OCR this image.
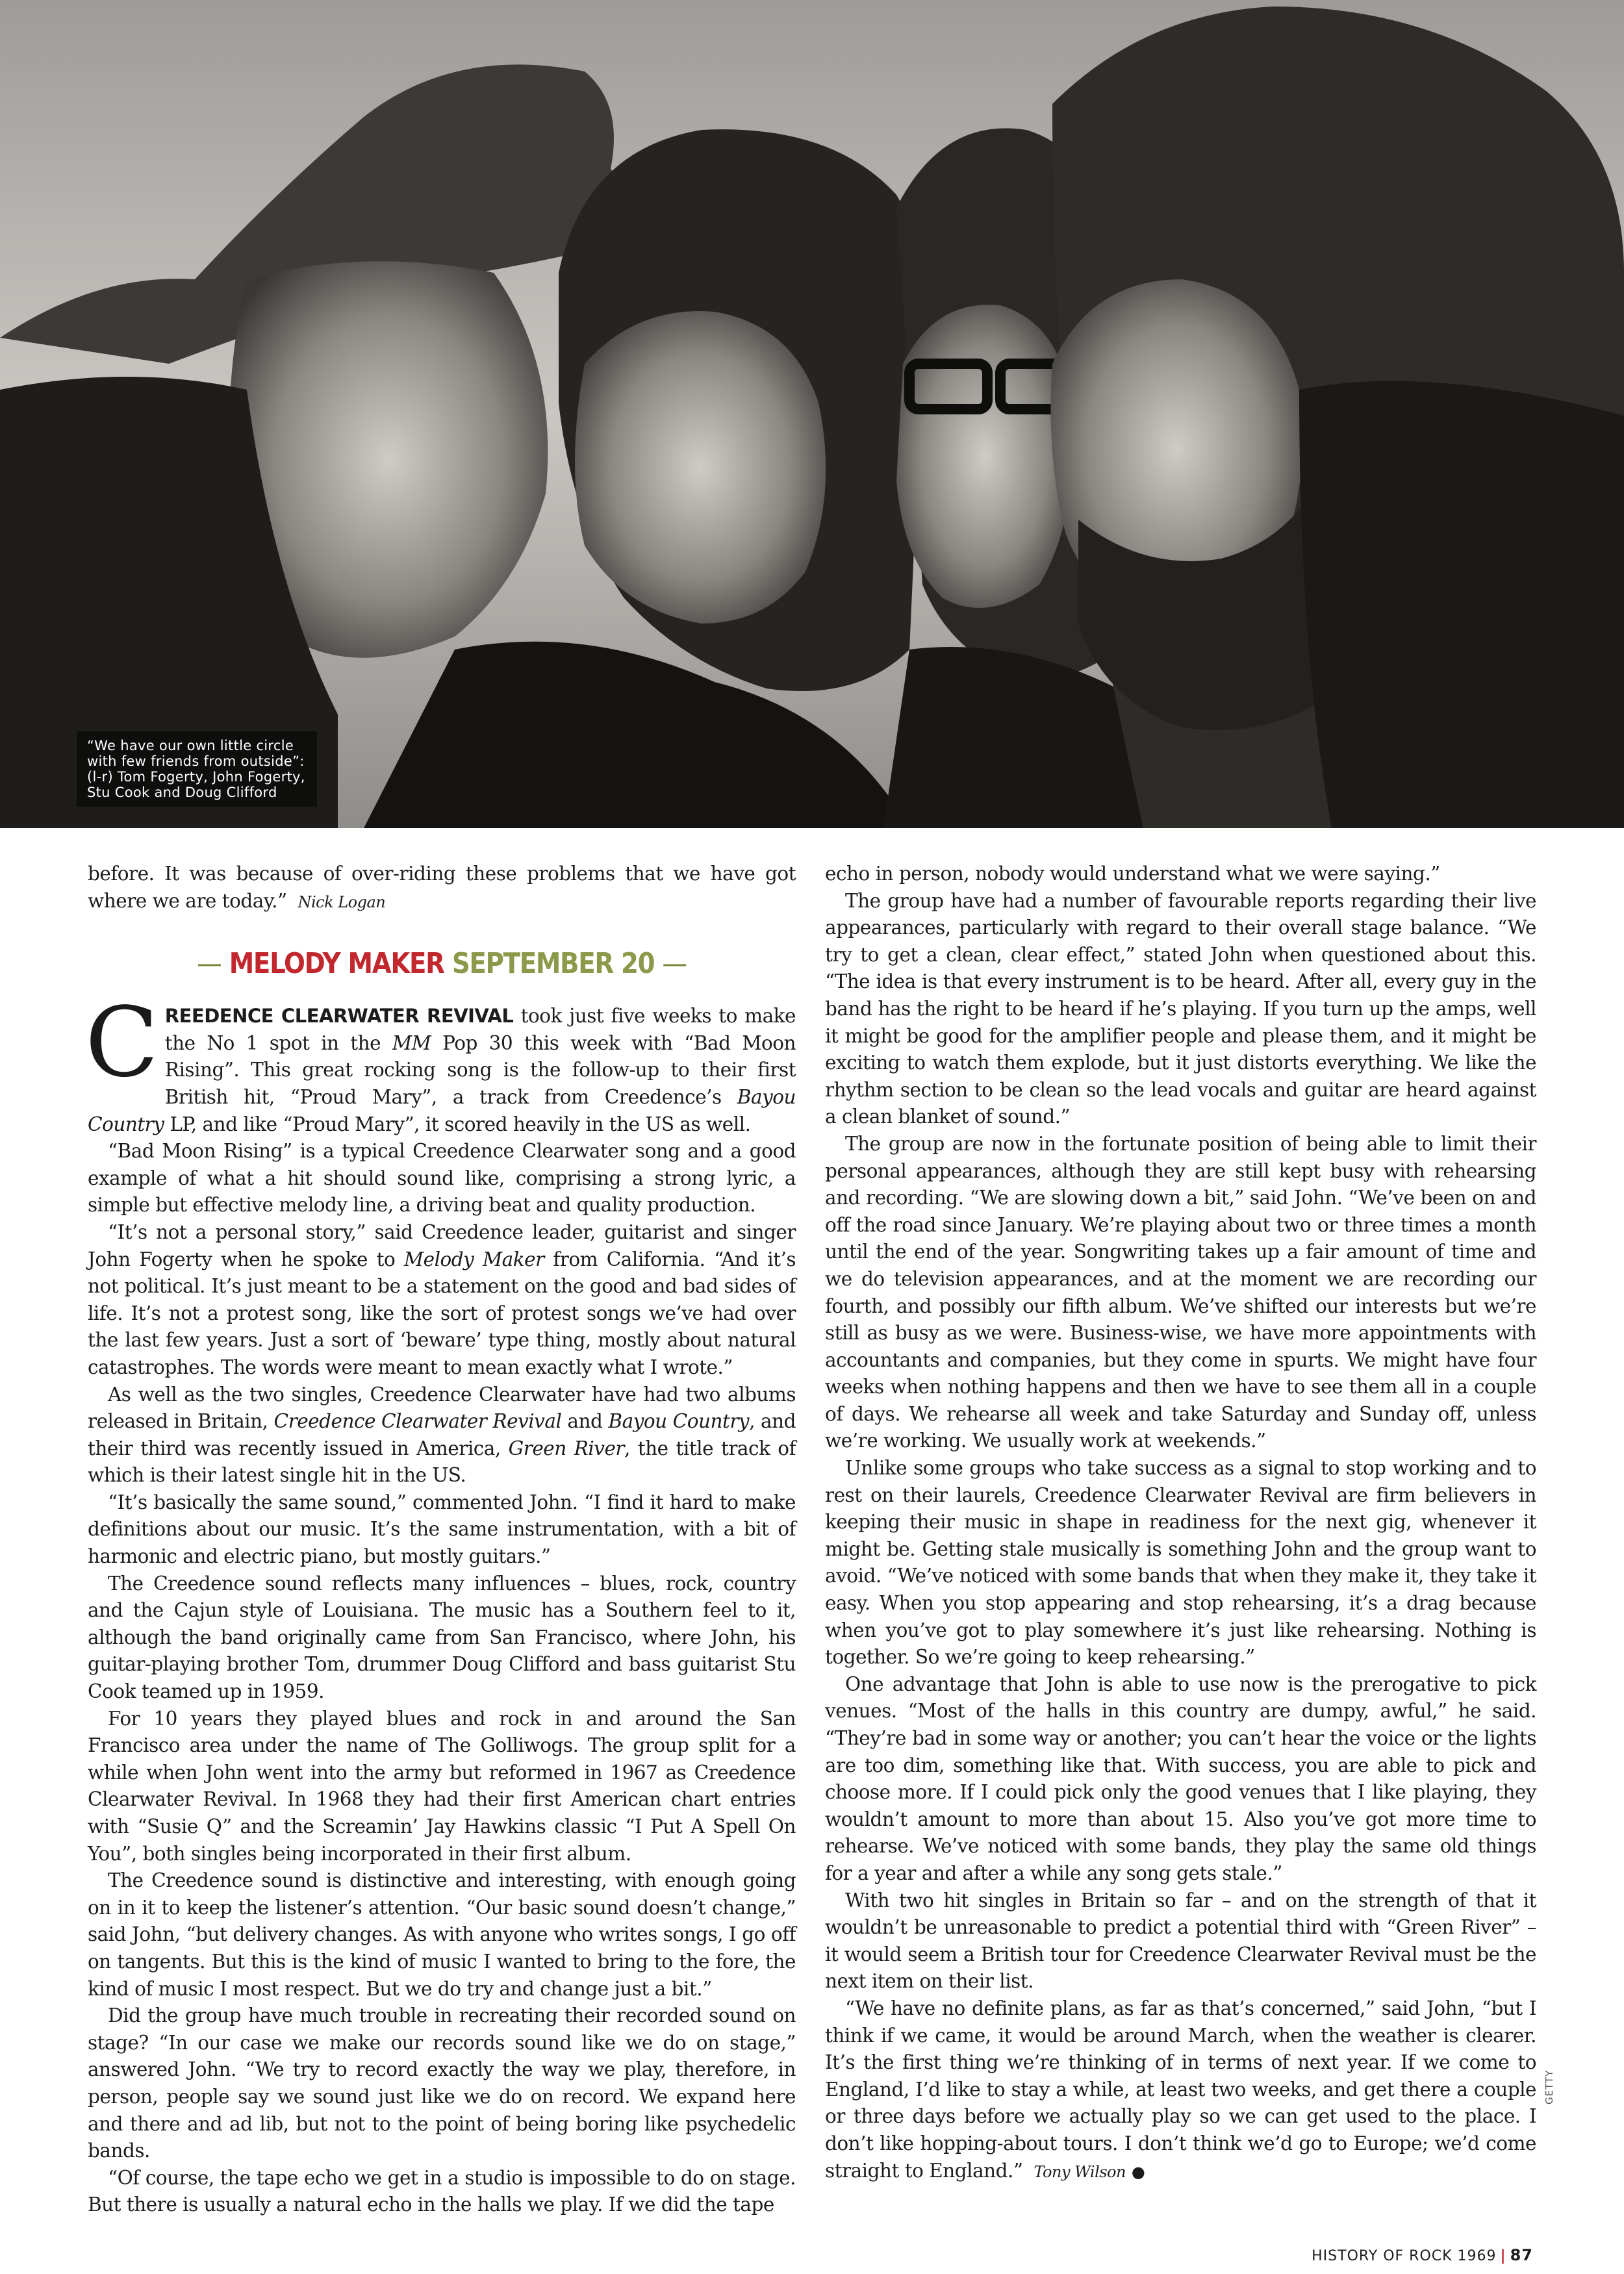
“We have our own little circle with few friends from outside”: (l-r) Tom Fogerty, John Fogerty, Stu Cook and Doug Clifford

before. It was because of over-riding these problems that we have got where we are today.” Nick Logan

— MELODY MAKER SEPTEMBER 20 —

CREEDENCE CLEARWATER REVIVAL took just five weeks to make the No 1 spot in the MM Pop 30 this week with “Bad Moon Rising”. This great rocking song is the follow-up to their first British hit, “Proud Mary”, a track from Creedence’s Bayou Country LP, and like “Proud Mary”, it scored heavily in the US as well.

“Bad Moon Rising” is a typical Creedence Clearwater song and a good example of what a hit should sound like, comprising a strong lyric, a simple but effective melody line, a driving beat and quality production.

“It’s not a personal story,” said Creedence leader, guitarist and singer John Fogerty when he spoke to Melody Maker from California. “And it’s not political. It’s just meant to be a statement on the good and bad sides of life. It’s not a protest song, like the sort of protest songs we’ve had over the last few years. Just a sort of ‘beware’ type thing, mostly about natural catastrophes. The words were meant to mean exactly what I wrote.”

As well as the two singles, Creedence Clearwater have had two albums released in Britain, Creedence Clearwater Revival and Bayou Country, and their third was recently issued in America, Green River, the title track of which is their latest single hit in the US.

“It’s basically the same sound,” commented John. “I find it hard to make definitions about our music. It’s the same instrumentation, with a bit of harmonic and electric piano, but mostly guitars.”

The Creedence sound reflects many influences – blues, rock, country and the Cajun style of Louisiana. The music has a Southern feel to it, although the band originally came from San Francisco, where John, his guitar-playing brother Tom, drummer Doug Clifford and bass guitarist Stu Cook teamed up in 1959.

For 10 years they played blues and rock in and around the San Francisco area under the name of The Golliwogs. The group split for a while when John went into the army but reformed in 1967 as Creedence Clearwater Revival. In 1968 they had their first American chart entries with “Susie Q” and the Screamin’ Jay Hawkins classic “I Put A Spell On You”, both singles being incorporated in their first album.

The Creedence sound is distinctive and interesting, with enough going on in it to keep the listener’s attention. “Our basic sound doesn’t change,” said John, “but delivery changes. As with anyone who writes songs, I go off on tangents. But this is the kind of music I wanted to bring to the fore, the kind of music I most respect. But we do try and change just a bit.”

Did the group have much trouble in recreating their recorded sound on stage? “In our case we make our records sound like we do on stage,” answered John. “We try to record exactly the way we play, therefore, in person, people say we sound just like we do on record. We expand here and there and ad lib, but not to the point of being boring like psychedelic bands.

“Of course, the tape echo we get in a studio is impossible to do on stage. But there is usually a natural echo in the halls we play. If we did the tape

echo in person, nobody would understand what we were saying.”

The group have had a number of favourable reports regarding their live appearances, particularly with regard to their overall stage balance. “We try to get a clean, clear effect,” stated John when questioned about this. “The idea is that every instrument is to be heard. After all, every guy in the band has the right to be heard if he’s playing. If you turn up the amps, well it might be good for the amplifier people and please them, and it might be exciting to watch them explode, but it just distorts everything. We like the rhythm section to be clean so the lead vocals and guitar are heard against a clean blanket of sound.”

The group are now in the fortunate position of being able to limit their personal appearances, although they are still kept busy with rehearsing and recording. “We are slowing down a bit,” said John. “We’ve been on and off the road since January. We’re playing about two or three times a month until the end of the year. Songwriting takes up a fair amount of time and we do television appearances, and at the moment we are recording our fourth, and possibly our fifth album. We’ve shifted our interests but we’re still as busy as we were. Business-wise, we have more appointments with accountants and companies, but they come in spurts. We might have four weeks when nothing happens and then we have to see them all in a couple of days. We rehearse all week and take Saturday and Sunday off, unless we’re working. We usually work at weekends.”

Unlike some groups who take success as a signal to stop working and to rest on their laurels, Creedence Clearwater Revival are firm believers in keeping their music in shape in readiness for the next gig, whenever it might be. Getting stale musically is something John and the group want to avoid. “We’ve noticed with some bands that when they make it, they take it easy. When you stop appearing and stop rehearsing, it’s a drag because when you’ve got to play somewhere it’s just like rehearsing. Nothing is together. So we’re going to keep rehearsing.”

One advantage that John is able to use now is the prerogative to pick venues. “Most of the halls in this country are dumpy, awful,” he said. “They’re bad in some way or another; you can’t hear the voice or the lights are too dim, something like that. With success, you are able to pick and choose more. If I could pick only the good venues that I like playing, they wouldn’t amount to more than about 15. Also you’ve got more time to rehearse. We’ve noticed with some bands, they play the same old things for a year and after a while any song gets stale.”

With two hit singles in Britain so far – and on the strength of that it wouldn’t be unreasonable to predict a potential third with “Green River” – it would seem a British tour for Creedence Clearwater Revival must be the next item on their list.

“We have no definite plans, as far as that’s concerned,” said John, “but I think if we came, it would be around March, when the weather is clearer. It’s the first thing we’re thinking of in terms of next year. If we come to England, I’d like to stay a while, at least two weeks, and get there a couple or three days before we actually play so we can get used to the place. I don’t like hopping-about tours. I don’t think we’d go to Europe; we’d come straight to England.” Tony Wilson ●

GETTY
HISTORY OF ROCK 1969 | 87
